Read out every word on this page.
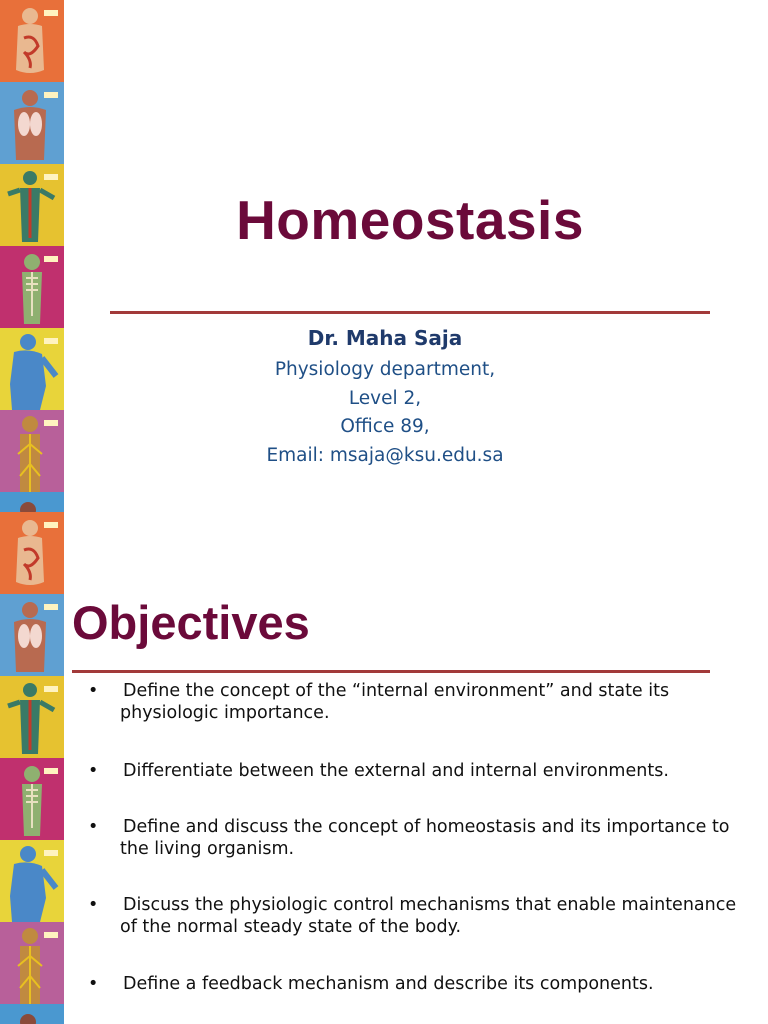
Homeostasis
Dr. Maha Saja
Physiology department,
Level 2,
Office 89,
Email: msaja@ksu.edu.sa
Objectives
•	Define the concept of the “internal environment” and state its physiologic importance.
•	Differentiate between the external and internal environments.
•	Define and discuss the concept of homeostasis and its importance to the living organism.
•	Discuss the physiologic control mechanisms that enable maintenance of the normal steady state of the body.
•	Define a feedback mechanism and describe its components.
